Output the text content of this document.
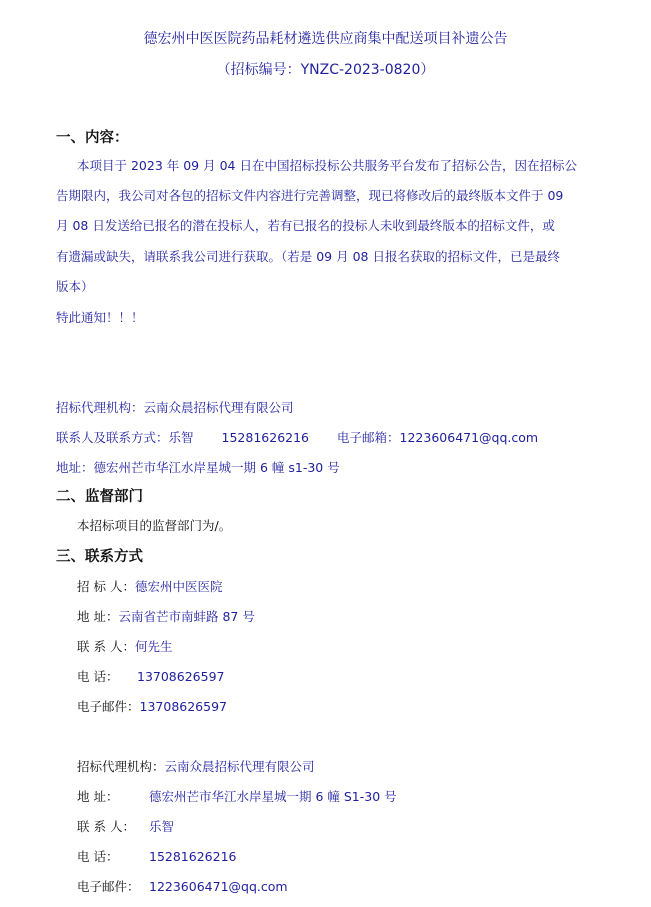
德宏州中医医院药品耗材遴选供应商集中配送项目补遗公告
（招标编号：YNZC-2023-0820）
一、内容：
本项目于 2023 年 09 月 04 日在中国招标投标公共服务平台发布了招标公告，因在招标公
告期限内，我公司对各包的招标文件内容进行完善调整，现已将修改后的最终版本文件于 09
月 08 日发送给已报名的潜在投标人，若有已报名的投标人未收到最终版本的招标文件，或
有遗漏或缺失，请联系我公司进行获取。（若是 09 月 08 日报名获取的招标文件，已是最终
版本）
特此通知！！！
招标代理机构：云南众晨招标代理有限公司
联系人及联系方式：乐智 15281626216 电子邮箱：1223606471@qq.com
地址：德宏州芒市华江水岸星城一期 6 幢 s1-30 号
二、监督部门
本招标项目的监督部门为/。
三、联系方式
招 标 人：德宏州中医医院
地 址：云南省芒市南蚌路 87 号
联 系 人：何先生
电 话： 13708626597
电子邮件：13708626597
招标代理机构：云南众晨招标代理有限公司
地 址： 德宏州芒市华江水岸星城一期 6 幢 S1-30 号
联 系 人： 乐智
电 话： 15281626216
电子邮件： 1223606471@qq.com
